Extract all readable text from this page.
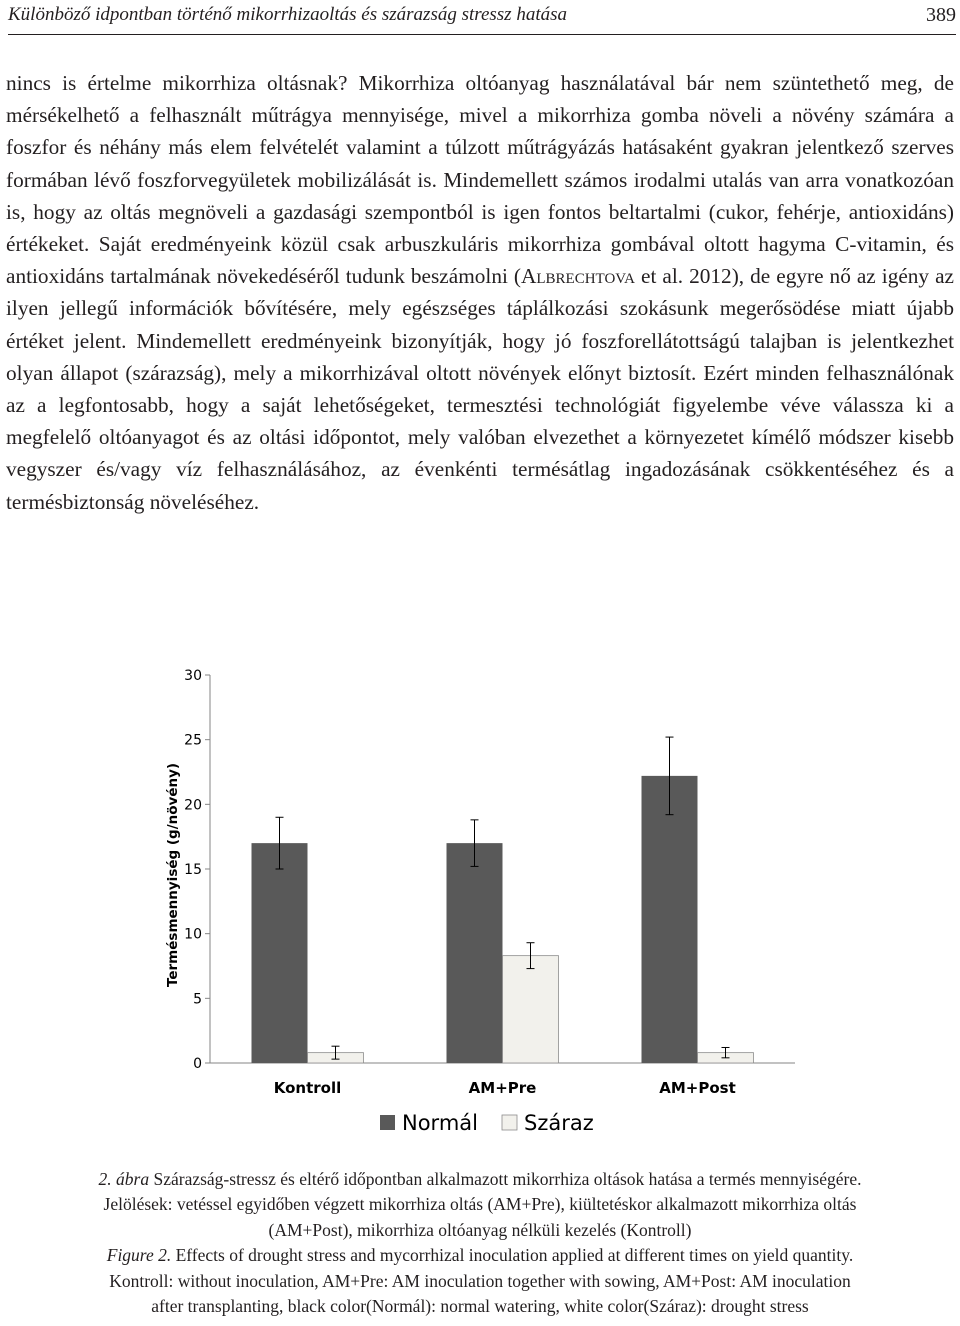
Különböző idpontban történő mikorrhizaoltás és szárazság stressz hatása	389

nincs is értelme mikorrhiza oltásnak? Mikorrhiza oltóanyag használatával bár nem szüntethető meg, de mérsékelhető a felhasznált műtrágya mennyisége, mivel a mikorrhiza gomba növeli a növény számára a foszfor és néhány más elem felvételét valamint a túlzott műtrágyázás hatásaként gyakran jelentkező szerves formában lévő foszforvegyületek mobilizálását is. Mindemellett számos irodalmi utalás van arra vonatkozóan is, hogy az oltás megnöveli a gazdasági szempontból is igen fontos beltartalmi (cukor, fehérje, antioxidáns) értékeket. Saját eredményeink közül csak arbuszkuláris mikorrhiza gombával oltott hagyma C-vitamin, és antioxidáns tartalmának növekedéséről tudunk beszámolni (Albrechtova et al. 2012), de egyre nő az igény az ilyen jellegű információk bővítésére, mely egészséges táplálkozási szokásunk megerősödése miatt újabb értéket jelent. Mindemellett eredményeink bizonyítják, hogy jó foszforellátottságú talajban is jelentkezhet olyan állapot (szárazság), mely a mikorrhizával oltott növények előnyt biztosít. Ezért minden felhasználónak az a legfontosabb, hogy a saját lehetőségeket, termesztési technológiát figyelembe véve válassza ki a megfelelő oltóanyagot és az oltási időpontot, mely valóban elvezethet a környezetet kímélő módszer kisebb vegyszer és/vagy víz felhasználásához, az évenkénti termésátlag ingadozásának csökkentéséhez és a termésbiztonság növeléséhez.

0
5
10
15
20
25
30
Kontroll	AM+Pre	AM+Post
Termésmennyiség (g/növény)
Normál Száraz
2. ábra Szárazság-stressz és eltérő időpontban alkalmazott mikorrhiza oltások hatása a termés mennyiségére.
Jelölések: vetéssel egyidőben végzett mikorrhiza oltás (AM+Pre), kiültetéskor alkalmazott mikorrhiza oltás
(AM+Post), mikorrhiza oltóanyag nélküli kezelés (Kontroll)
Figure 2. Effects of drought stress and mycorrhizal inoculation applied at different times on yield quantity.
Kontroll: without inoculation, AM+Pre: AM inoculation together with sowing, AM+Post: AM inoculation
after transplanting, black color(Normál): normal watering, white color(Száraz): drought stress
